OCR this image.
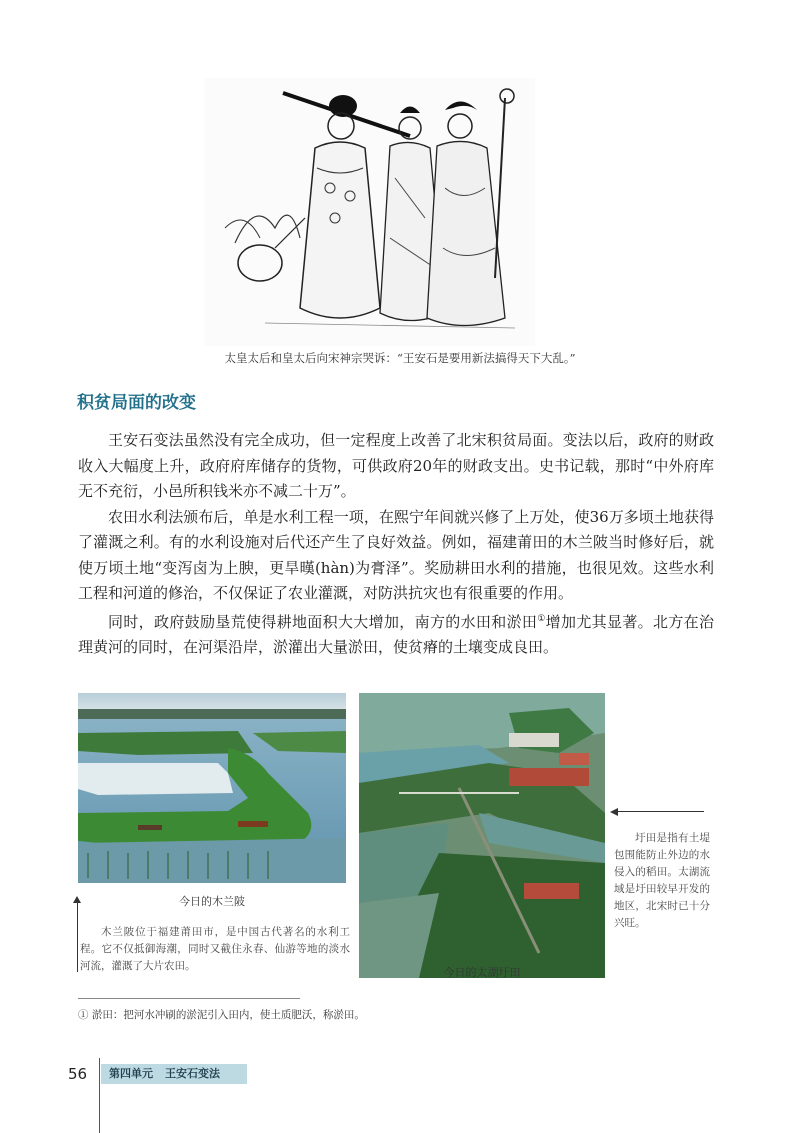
太皇太后和皇太后向宋神宗哭诉：“王安石是要用新法搞得天下大乱。”
积贫局面的改变

王安石变法虽然没有完全成功，但一定程度上改善了北宋积贫局面。变法以后，政府的财政收入大幅度上升，政府府库储存的货物，可供政府20年的财政支出。史书记载，那时“中外府库无不充衍，小邑所积钱米亦不减二十万”。

农田水利法颁布后，单是水利工程一项，在熙宁年间就兴修了上万处，使36万多顷土地获得了灌溉之利。有的水利设施对后代还产生了良好效益。例如，福建莆田的木兰陂当时修好后，就使万顷土地“变泻卤为上腴，更旱暵(hàn)为膏泽”。奖励耕田水利的措施，也很见效。这些水利工程和河道的修治，不仅保证了农业灌溉，对防洪抗灾也有很重要的作用。

同时，政府鼓励垦荒使得耕地面积大大增加，南方的水田和淤田①增加尤其显著。北方在治理黄河的同时，在河渠沿岸，淤灌出大量淤田，使贫瘠的土壤变成良田。

今日的木兰陂
木兰陂位于福建莆田市，是中国古代著名的水利工程。它不仅抵御海潮，同时又截住永春、仙游等地的淡水河流，灌溉了大片农田。	今日的太湖圩田
圩田是指有土堤包围能防止外边的水侵入的稻田。太湖流域是圩田较早开发的地区，北宋时已十分兴旺。
① 淤田：把河水冲刷的淤泥引入田内，使土质肥沃，称淤田。
56	第四单元 王安石变法
